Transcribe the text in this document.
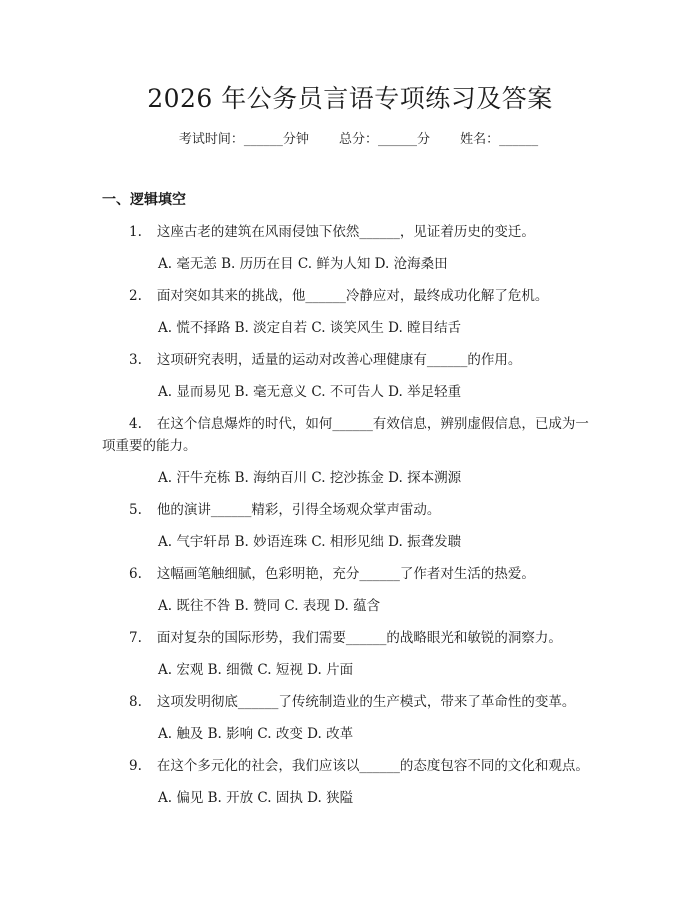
2026 年公务员言语专项练习及答案
考试时间：______分钟 总分：______分 姓名：______
一、逻辑填空

1. 这座古老的建筑在风雨侵蚀下依然______，见证着历史的变迁。

A. 毫无恙 B. 历历在目 C. 鲜为人知 D. 沧海桑田

2. 面对突如其来的挑战，他______冷静应对，最终成功化解了危机。

A. 慌不择路 B. 淡定自若 C. 谈笑风生 D. 瞠目结舌

3. 这项研究表明，适量的运动对改善心理健康有______的作用。

A. 显而易见 B. 毫无意义 C. 不可告人 D. 举足轻重

4. 在这个信息爆炸的时代，如何______有效信息，辨别虚假信息，已成为一项重要的能力。

A. 汗牛充栋 B. 海纳百川 C. 挖沙拣金 D. 探本溯源

5. 他的演讲______精彩，引得全场观众掌声雷动。

A. 气宇轩昂 B. 妙语连珠 C. 相形见绌 D. 振聋发聩

6. 这幅画笔触细腻，色彩明艳，充分______了作者对生活的热爱。

A. 既往不咎 B. 赞同 C. 表现 D. 蕴含

7. 面对复杂的国际形势，我们需要______的战略眼光和敏锐的洞察力。

A. 宏观 B. 细微 C. 短视 D. 片面

8. 这项发明彻底______了传统制造业的生产模式，带来了革命性的变革。

A. 触及 B. 影响 C. 改变 D. 改革

9. 在这个多元化的社会，我们应该以______的态度包容不同的文化和观点。

A. 偏见 B. 开放 C. 固执 D. 狭隘
